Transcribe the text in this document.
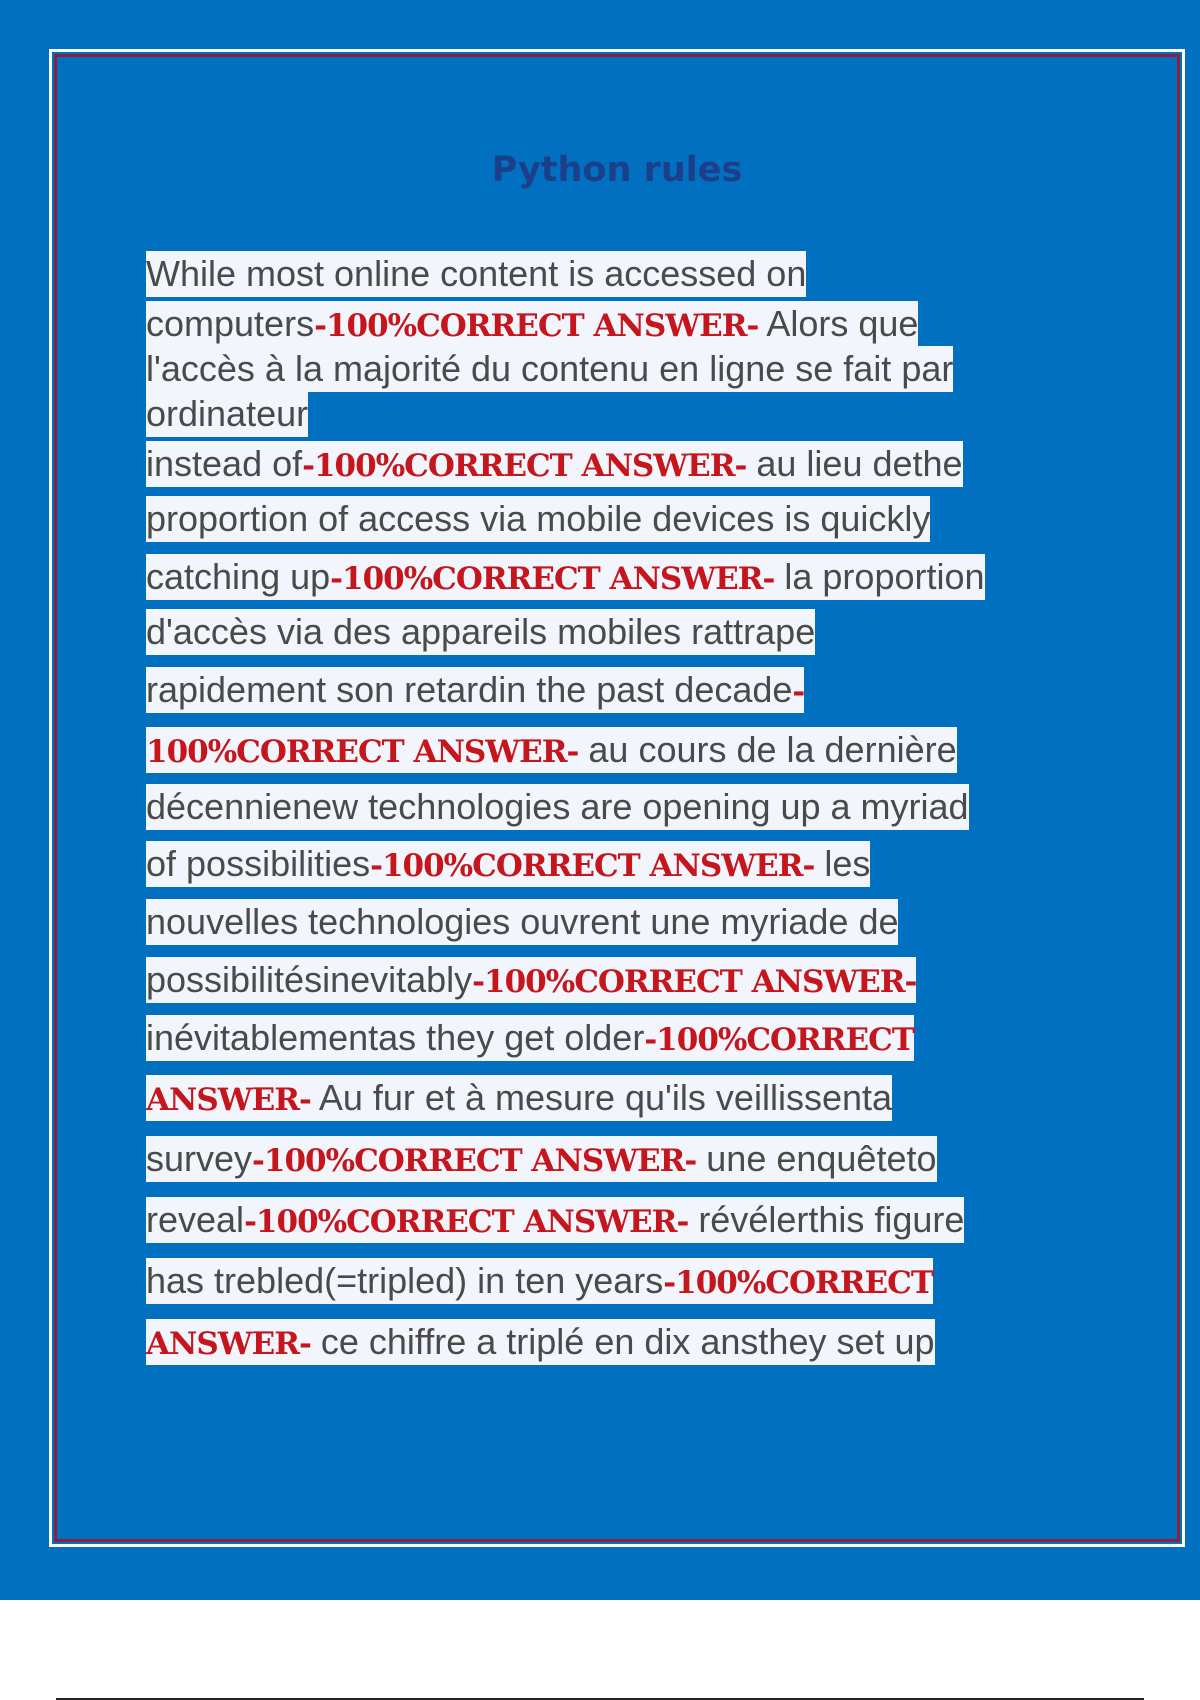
Python rules
While most online content is accessed on
computers-100%CORRECT ANSWER- Alors que
l'accès à la majorité du contenu en ligne se fait par
ordinateur
instead of-100%CORRECT ANSWER- au lieu dethe
proportion of access via mobile devices is quickly
catching up-100%CORRECT ANSWER- la proportion
d'accès via des appareils mobiles rattrape
rapidement son retardin the past decade-
100%CORRECT ANSWER- au cours de la dernière
décennienew technologies are opening up a myriad
of possibilities-100%CORRECT ANSWER- les
nouvelles technologies ouvrent une myriade de
possibilitésinevitably-100%CORRECT ANSWER-
inévitablementas they get older-100%CORRECT
ANSWER- Au fur et à mesure qu'ils veillissenta
survey-100%CORRECT ANSWER- une enquêteto
reveal-100%CORRECT ANSWER- révélerthis figure
has trebled(=tripled) in ten years-100%CORRECT
ANSWER- ce chiffre a triplé en dix ansthey set up
